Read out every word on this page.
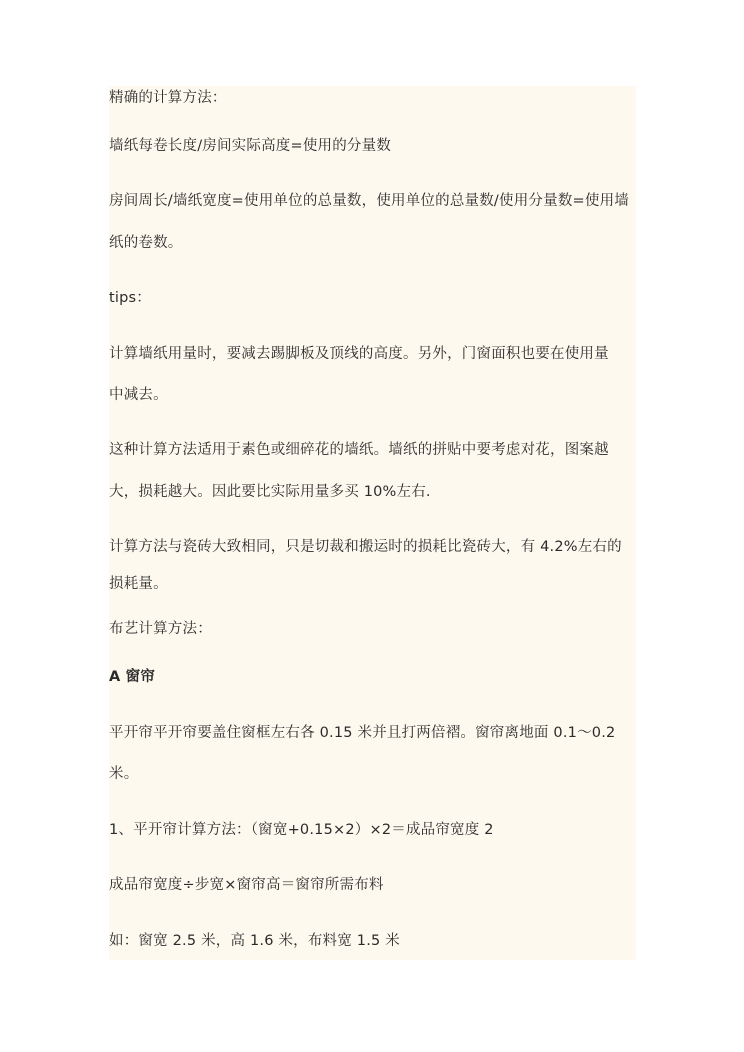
精确的计算方法：
墙纸每卷长度/房间实际高度=使用的分量数
房间周长/墙纸宽度=使用单位的总量数，使用单位的总量数/使用分量数=使用墙
纸的卷数。
tips：
计算墙纸用量时，要减去踢脚板及顶线的高度。另外，门窗面积也要在使用量
中减去。
这种计算方法适用于素色或细碎花的墙纸。墙纸的拼贴中要考虑对花，图案越
大，损耗越大。因此要比实际用量多买 10%左右.
计算方法与瓷砖大致相同，只是切裁和搬运时的损耗比瓷砖大，有 4.2%左右的
损耗量。
布艺计算方法：
A 窗帘
平开帘平开帘要盖住窗框左右各 0.15 米并且打两倍褶。窗帘离地面 0.1～0.2
米。
1、平开帘计算方法：（窗宽+0.15×2）×2＝成品帘宽度 2
成品帘宽度÷步宽×窗帘高＝窗帘所需布料
如：窗宽 2.5 米，高 1.6 米，布料宽 1.5 米
